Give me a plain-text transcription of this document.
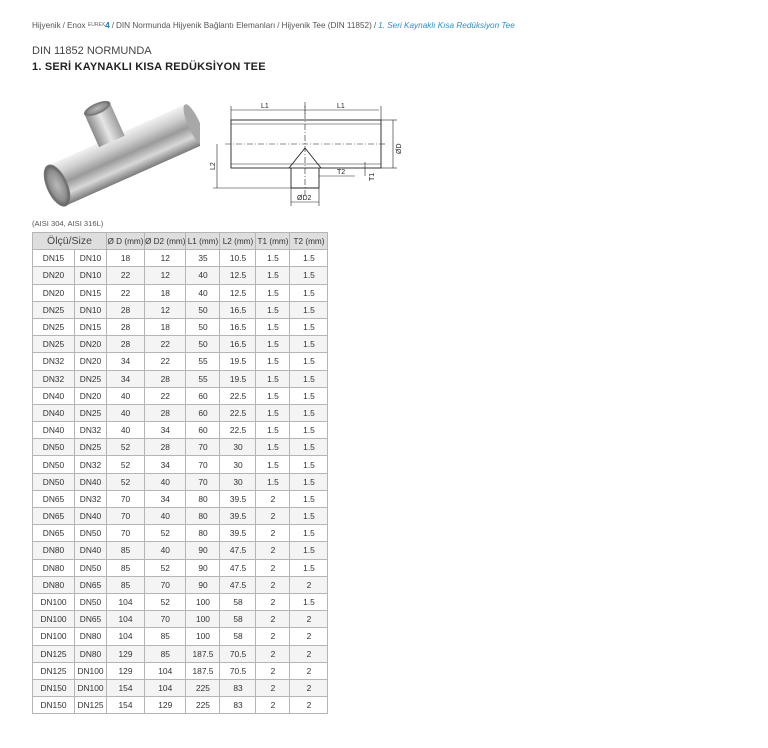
Hijyenik / Enox $^{EUREX}$4 / DIN Normunda Hijyenik Bağlantı Elemanları / Hijyenik Tee (DIN 11852) / 1. Seri Kaynaklı Kısa Redüksiyon Tee
DIN 11852 NORMUNDA
1. SERİ KAYNAKLI KISA REDÜKSİYON TEE
L1	L1
L2
ØD
ØD2
T2
T1
(AISI 304, AISI 316L)
Ölçü/Size		Ø D (mm)	Ø D2 (mm)	L1 (mm)	L2 (mm)	T1 (mm)	T2 (mm)
DN15	DN10	18	12	35	10.5	1.5	1.5
DN20	DN10	22	12	40	12.5	1.5	1.5
DN20	DN15	22	18	40	12.5	1.5	1.5
DN25	DN10	28	12	50	16.5	1.5	1.5
DN25	DN15	28	18	50	16.5	1.5	1.5
DN25	DN20	28	22	50	16.5	1.5	1.5
DN32	DN20	34	22	55	19.5	1.5	1.5
DN32	DN25	34	28	55	19.5	1.5	1.5
DN40	DN20	40	22	60	22.5	1.5	1.5
DN40	DN25	40	28	60	22.5	1.5	1.5
DN40	DN32	40	34	60	22.5	1.5	1.5
DN50	DN25	52	28	70	30	1.5	1.5
DN50	DN32	52	34	70	30	1.5	1.5
DN50	DN40	52	40	70	30	1.5	1.5
DN65	DN32	70	34	80	39.5	2	1.5
DN65	DN40	70	40	80	39.5	2	1.5
DN65	DN50	70	52	80	39.5	2	1.5
DN80	DN40	85	40	90	47.5	2	1.5
DN80	DN50	85	52	90	47.5	2	1.5
DN80	DN65	85	70	90	47.5	2	2
DN100	DN50	104	52	100	58	2	1.5
DN100	DN65	104	70	100	58	2	2
DN100	DN80	104	85	100	58	2	2
DN125	DN80	129	85	187.5	70.5	2	2
DN125	DN100	129	104	187.5	70.5	2	2
DN150	DN100	154	104	225	83	2	2
DN150	DN125	154	129	225	83	2	2
